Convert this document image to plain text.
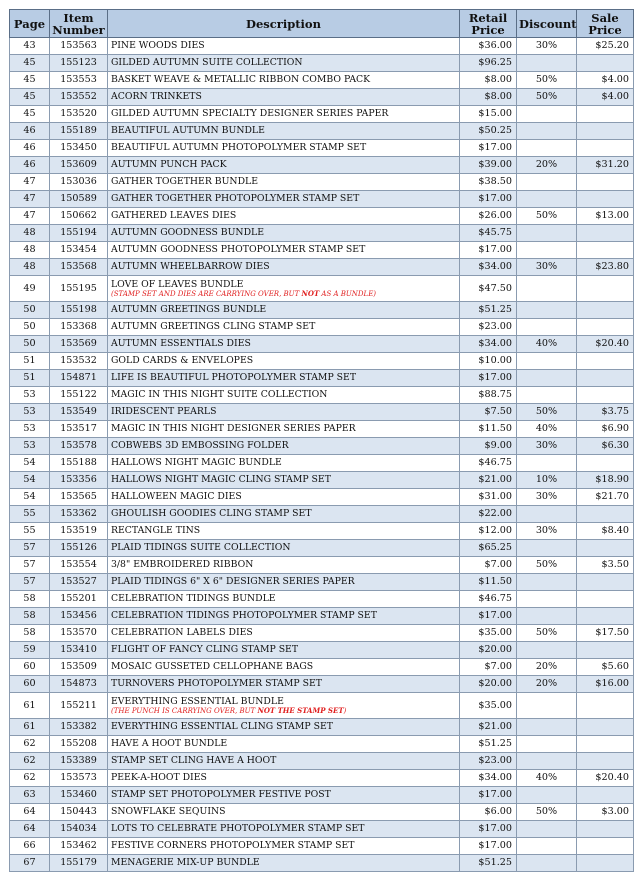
Page	Item
Number	Description	Retail
Price	Discount	Sale
Price
43	153563	PINE WOODS DIES	$36.00	30%	$25.20
45	155123	GILDED AUTUMN SUITE COLLECTION	$96.25		
45	153553	BASKET WEAVE & METALLIC RIBBON COMBO PACK	$8.00	50%	$4.00
45	153552	ACORN TRINKETS	$8.00	50%	$4.00
45	153520	GILDED AUTUMN SPECIALTY DESIGNER SERIES PAPER	$15.00		
46	155189	BEAUTIFUL AUTUMN BUNDLE	$50.25		
46	153450	BEAUTIFUL AUTUMN PHOTOPOLYMER STAMP SET	$17.00		
46	153609	AUTUMN PUNCH PACK	$39.00	20%	$31.20
47	153036	GATHER TOGETHER BUNDLE	$38.50		
47	150589	GATHER TOGETHER PHOTOPOLYMER STAMP SET	$17.00		
47	150662	GATHERED LEAVES DIES	$26.00	50%	$13.00
48	155194	AUTUMN GOODNESS BUNDLE	$45.75		
48	153454	AUTUMN GOODNESS PHOTOPOLYMER STAMP SET	$17.00		
48	153568	AUTUMN WHEELBARROW DIES	$34.00	30%	$23.80
49	155195	LOVE OF LEAVES BUNDLE
(STAMP SET AND DIES ARE CARRYING OVER, BUT NOT AS A BUNDLE)	$47.50		
50	155198	AUTUMN GREETINGS BUNDLE	$51.25		
50	153368	AUTUMN GREETINGS CLING STAMP SET	$23.00		
50	153569	AUTUMN ESSENTIALS DIES	$34.00	40%	$20.40
51	153532	GOLD CARDS & ENVELOPES	$10.00		
51	154871	LIFE IS BEAUTIFUL PHOTOPOLYMER STAMP SET	$17.00		
53	155122	MAGIC IN THIS NIGHT SUITE COLLECTION	$88.75		
53	153549	IRIDESCENT PEARLS	$7.50	50%	$3.75
53	153517	MAGIC IN THIS NIGHT DESIGNER SERIES PAPER	$11.50	40%	$6.90
53	153578	COBWEBS 3D EMBOSSING FOLDER	$9.00	30%	$6.30
54	155188	HALLOWS NIGHT MAGIC BUNDLE	$46.75		
54	153356	HALLOWS NIGHT MAGIC CLING STAMP SET	$21.00	10%	$18.90
54	153565	HALLOWEEN MAGIC DIES	$31.00	30%	$21.70
55	153362	GHOULISH GOODIES CLING STAMP SET	$22.00		
55	153519	RECTANGLE TINS	$12.00	30%	$8.40
57	155126	PLAID TIDINGS SUITE COLLECTION	$65.25		
57	153554	3/8" EMBROIDERED RIBBON	$7.00	50%	$3.50
57	153527	PLAID TIDINGS 6" X 6" DESIGNER SERIES PAPER	$11.50		
58	155201	CELEBRATION TIDINGS BUNDLE	$46.75		
58	153456	CELEBRATION TIDINGS PHOTOPOLYMER STAMP SET	$17.00		
58	153570	CELEBRATION LABELS DIES	$35.00	50%	$17.50
59	153410	FLIGHT OF FANCY CLING STAMP SET	$20.00		
60	153509	MOSAIC GUSSETED CELLOPHANE BAGS	$7.00	20%	$5.60
60	154873	TURNOVERS PHOTOPOLYMER STAMP SET	$20.00	20%	$16.00
61	155211	EVERYTHING ESSENTIAL BUNDLE
(THE PUNCH IS CARRYING OVER, BUT NOT THE STAMP SET)	$35.00		
61	153382	EVERYTHING ESSENTIAL CLING STAMP SET	$21.00		
62	155208	HAVE A HOOT BUNDLE	$51.25		
62	153389	STAMP SET CLING HAVE A HOOT	$23.00		
62	153573	PEEK-A-HOOT DIES	$34.00	40%	$20.40
63	153460	STAMP SET PHOTOPOLYMER FESTIVE POST	$17.00		
64	150443	SNOWFLAKE SEQUINS	$6.00	50%	$3.00
64	154034	LOTS TO CELEBRATE PHOTOPOLYMER STAMP SET	$17.00		
66	153462	FESTIVE CORNERS PHOTOPOLYMER STAMP SET	$17.00		
67	155179	MENAGERIE MIX-UP BUNDLE	$51.25		
